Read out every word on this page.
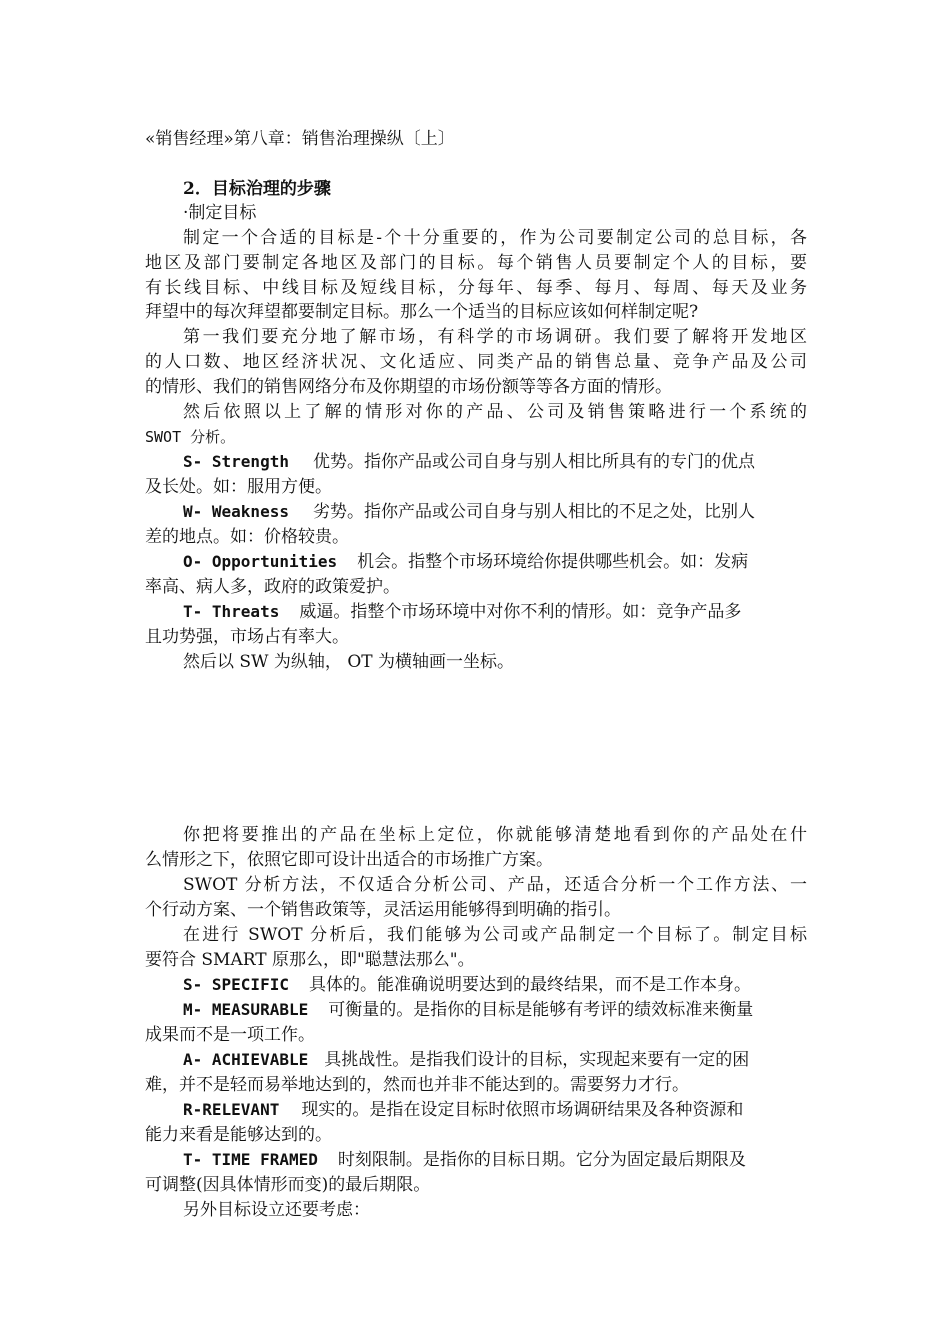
«销售经理»第八章：销售治理操纵〔上〕
2．目标治理的步骤
·制定目标
制定一个合适的目标是-个十分重要的，作为公司要制定公司的总目标，各
地区及部门要制定各地区及部门的目标。每个销售人员要制定个人的目标，要
有长线目标、中线目标及短线目标，分每年、每季、每月、每周、每天及业务
拜望中的每次拜望都要制定目标。那么一个适当的目标应该如何样制定呢?
第一我们要充分地了解市场，有科学的市场调研。我们要了解将开发地区
的人口数、地区经济状况、文化适应、同类产品的销售总量、竞争产品及公司
的情形、我们的销售网络分布及你期望的市场份额等等各方面的情形。
然后依照以上了解的情形对你的产品、公司及销售策略进行一个系统的
SWOT 分析。
S- Strength 优势。指你产品或公司自身与别人相比所具有的专门的优点
及长处。如：服用方便。
W- Weakness 劣势。指你产品或公司自身与别人相比的不足之处，比别人
差的地点。如：价格较贵。
O- Opportunities 机会。指整个市场环境给你提供哪些机会。如：发病
率高、病人多，政府的政策爱护。
T- Threats 威逼。指整个市场环境中对你不利的情形。如：竞争产品多
且功势强，市场占有率大。
然后以 SW 为纵轴， OT 为横轴画一坐标。
你把将要推出的产品在坐标上定位，你就能够清楚地看到你的产品处在什
么情形之下，依照它即可设计出适合的市场推广方案。
SWOT 分析方法，不仅适合分析公司、产品，还适合分析一个工作方法、一
个行动方案、一个销售政策等，灵活运用能够得到明确的指引。
在进行 SWOT 分析后，我们能够为公司或产品制定一个目标了。制定目标
要符合 SMART 原那么，即"聪慧法那么"。
S- SPECIFIC 具体的。能准确说明要达到的最终结果，而不是工作本身。
M- MEASURABLE 可衡量的。是指你的目标是能够有考评的绩效标准来衡量
成果而不是一项工作。
A- ACHIEVABLE 具挑战性。是指我们设计的目标，实现起来要有一定的困
难，并不是轻而易举地达到的，然而也并非不能达到的。需要努力才行。
R-RELEVANT 现实的。是指在设定目标时依照市场调研结果及各种资源和
能力来看是能够达到的。
T- TIME FRAMED 时刻限制。是指你的目标日期。它分为固定最后期限及
可调整(因具体情形而变)的最后期限。
另外目标设立还要考虑：
